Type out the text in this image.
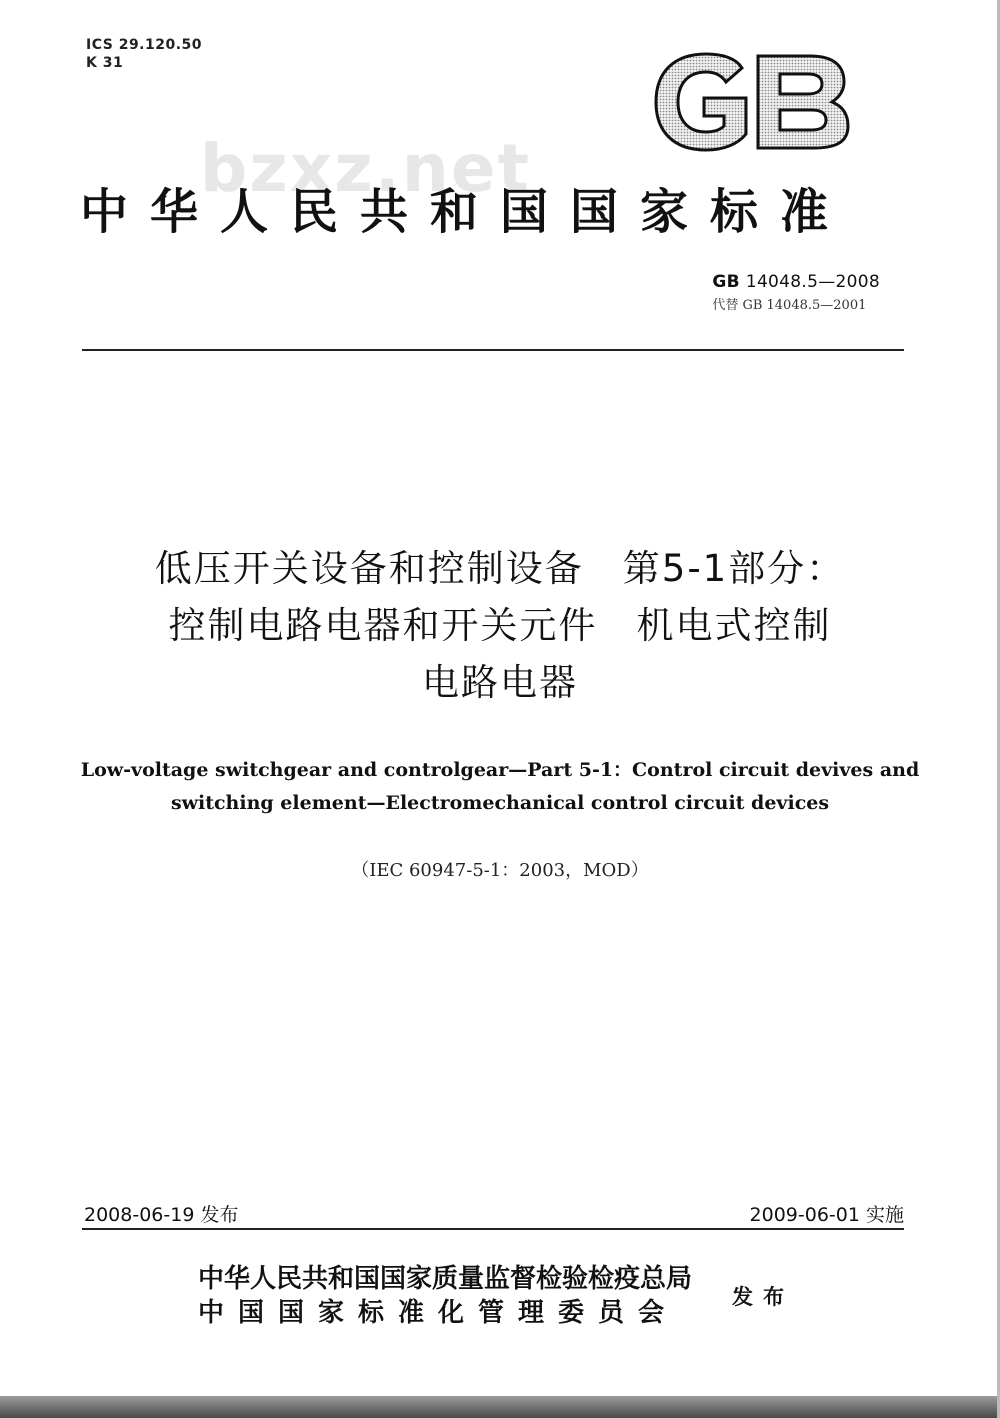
ICS 29.120.50
K 31
bzxz.net
中华人民共和国国家标准
GB 14048.5—2008
代替 GB 14048.5—2001
低压开关设备和控制设备　第5-1部分：
控制电路电器和开关元件　机电式控制
电路电器
Low-voltage switchgear and controlgear—Part 5-1：Control circuit devives and
switching element—Electromechanical control circuit devices
（IEC 60947-5-1：2003，MOD）
2008-06-19 发布	2009-06-01 实施
中华人民共和国国家质量监督检验检疫总局
中国国家标准化管理委员会
发布
